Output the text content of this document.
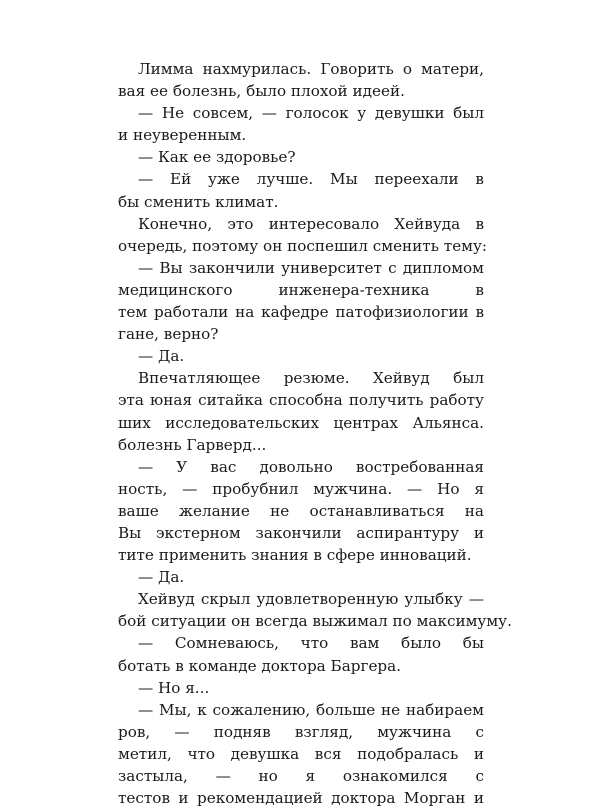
Лимма нахмурилась. Говорить о матери,
вая ее болезнь, было плохой идеей.
— Не совсем, — голосок у девушки был
и неуверенным.
— Как ее здоровье?
— Ей уже лучше. Мы переехали в
бы сменить климат.
Конечно, это интересовало Хейвуда в
очередь, поэтому он поспешил сменить тему:
— Вы закончили университет с дипломом
медицинского инженера-техника в
тем работали на кафедре патофизиологии в
гане, верно?
— Да.
Впечатляющее резюме. Хейвуд был
эта юная ситайка способна получить работу
ших исследовательских центрах Альянса.
болезнь Гарверд...
— У вас довольно востребованная
ность, — пробубнил мужчина. — Но я
ваше желание не останавливаться на
Вы экстерном закончили аспирантуру и
тите применить знания в сфере инноваций.
— Да.
Хейвуд скрыл удовлетворенную улыбку —
бой ситуации он всегда выжимал по максимуму.
— Сомневаюсь, что вам было бы
ботать в команде доктора Баргера.
— Но я...
— Мы, к сожалению, больше не набираем
ров, — подняв взгляд, мужчина с
метил, что девушка вся подобралась и
застыла, — но я ознакомился с
тестов и рекомендацией доктора Морган и
